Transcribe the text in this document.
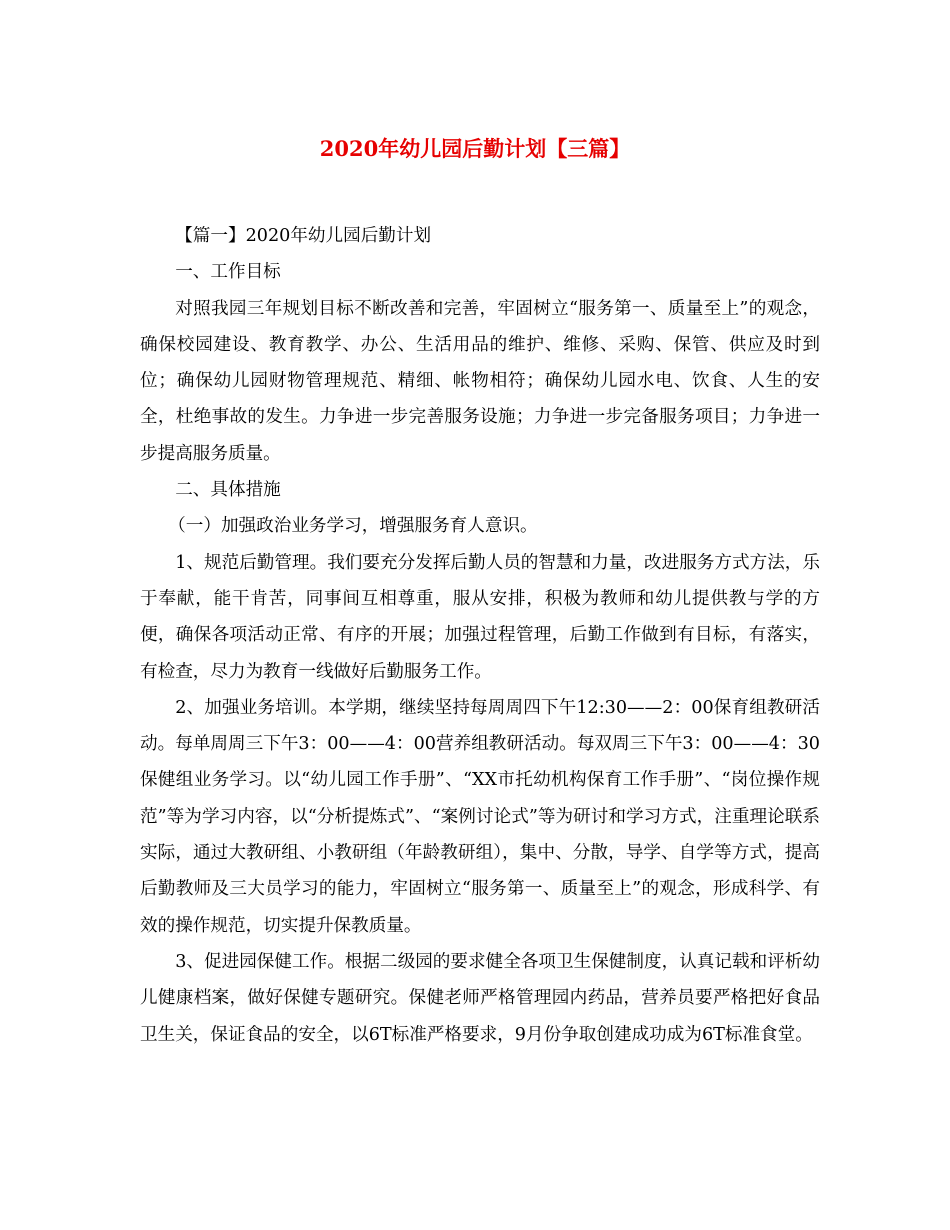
2020年幼儿园后勤计划【三篇】

【篇一】2020年幼儿园后勤计划

一、工作目标

对照我园三年规划目标不断改善和完善，牢固树立“服务第一、质量至上”的观念，确保校园建设、教育教学、办公、生活用品的维护、维修、采购、保管、供应及时到位；确保幼儿园财物管理规范、精细、帐物相符；确保幼儿园水电、饮食、人生的安全，杜绝事故的发生。力争进一步完善服务设施；力争进一步完备服务项目；力争进一步提高服务质量。

二、具体措施

（一）加强政治业务学习，增强服务育人意识。

1、规范后勤管理。我们要充分发挥后勤人员的智慧和力量，改进服务方式方法，乐于奉献，能干肯苦，同事间互相尊重，服从安排，积极为教师和幼儿提供教与学的方便，确保各项活动正常、有序的开展；加强过程管理，后勤工作做到有目标，有落实，有检查，尽力为教育一线做好后勤服务工作。

2、加强业务培训。本学期，继续坚持每周周四下午12:30——2：00保育组教研活动。每单周周三下午3：00——4：00营养组教研活动。每双周三下午3：00——4：30保健组业务学习。以“幼儿园工作手册”、“XX市托幼机构保育工作手册”、“岗位操作规范”等为学习内容，以“分析提炼式”、“案例讨论式”等为研讨和学习方式，注重理论联系实际，通过大教研组、小教研组（年龄教研组），集中、分散，导学、自学等方式，提高后勤教师及三大员学习的能力，牢固树立“服务第一、质量至上”的观念，形成科学、有效的操作规范，切实提升保教质量。

3、促进园保健工作。根据二级园的要求健全各项卫生保健制度，认真记载和评析幼儿健康档案，做好保健专题研究。保健老师严格管理园内药品，营养员要严格把好食品卫生关，保证食品的安全，以6T标准严格要求，9月份争取创建成功成为6T标准食堂。
